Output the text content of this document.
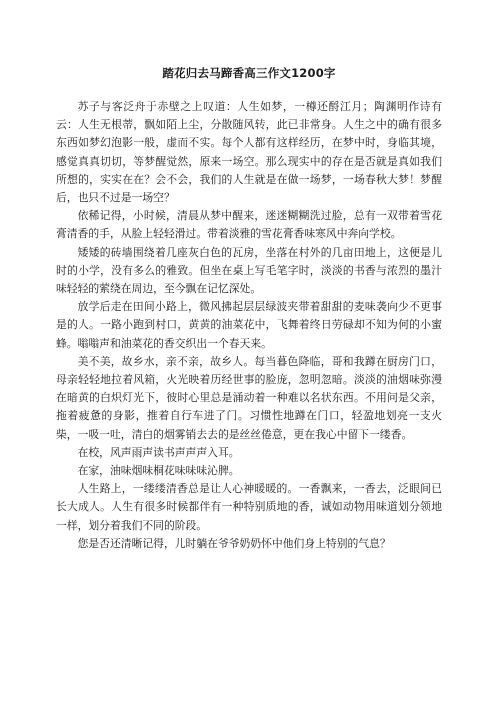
踏花归去马蹄香高三作文1200字

苏子与客泛舟于赤壁之上叹道：人生如梦，一樽还酹江月；陶渊明作诗有云：人生无根蒂，飘如陌上尘，分散随风转，此已非常身。人生之中的确有很多东西如梦幻泡影一般，虚而不实。每个人都有这样经历，在梦中时，身临其境，感觉真真切切，等梦醒觉然，原来一场空。那么现实中的存在是否就是真如我们所想的，实实在在？会不会，我们的人生就是在做一场梦，一场春秋大梦！梦醒后，也只不过是一场空？

依稀记得，小时候，清晨从梦中醒来，迷迷糊糊洗过脸，总有一双带着雪花膏清香的手，从脸上轻轻滑过。带着淡雅的雪花膏香味寒风中奔向学校。

矮矮的砖墙围绕着几座灰白色的瓦房，坐落在村外的几亩田地上，这便是儿时的小学，没有多么的雅致。但坐在桌上写毛笔字时，淡淡的书香与浓烈的墨汁味轻轻的萦绕在周边，至今飘在记忆深处。

放学后走在田间小路上，微风拂起层层绿波夹带着甜甜的麦味袭向少不更事是的人。一路小跑到村口，黄黄的油菜花中，飞舞着终日劳碌却不知为何的小蜜蜂。嗡嗡声和油菜花的香交织出一个春天来。

美不美，故乡水，亲不亲，故乡人。每当暮色降临，哥和我蹲在厨房门口，母亲轻轻地拉着风箱，火光映着历经世事的脸庞，忽明忽暗。淡淡的油烟味弥漫在暗黄的白炽灯光下，彼时心里总是涌动着一种难以名状东西。不用问是父亲，拖着疲惫的身影，推着自行车进了门。习惯性地蹲在门口，轻盈地划亮一支火柴，一吸一吐，清白的烟雾销去去的是丝丝倦意，更在我心中留下一缕香。

在校，风声雨声读书声声声入耳。

在家，油味烟味桐花味味味沁脾。

人生路上，一缕缕清香总是让人心神暖暖的。一香飘来，一香去，泛眼间已长大成人。人生有很多时候都伴有一种特别质地的香，诚如动物用味道划分领地一样，划分着我们不同的阶段。

您是否还清晰记得，儿时躺在爷爷奶奶怀中他们身上特别的气息？
